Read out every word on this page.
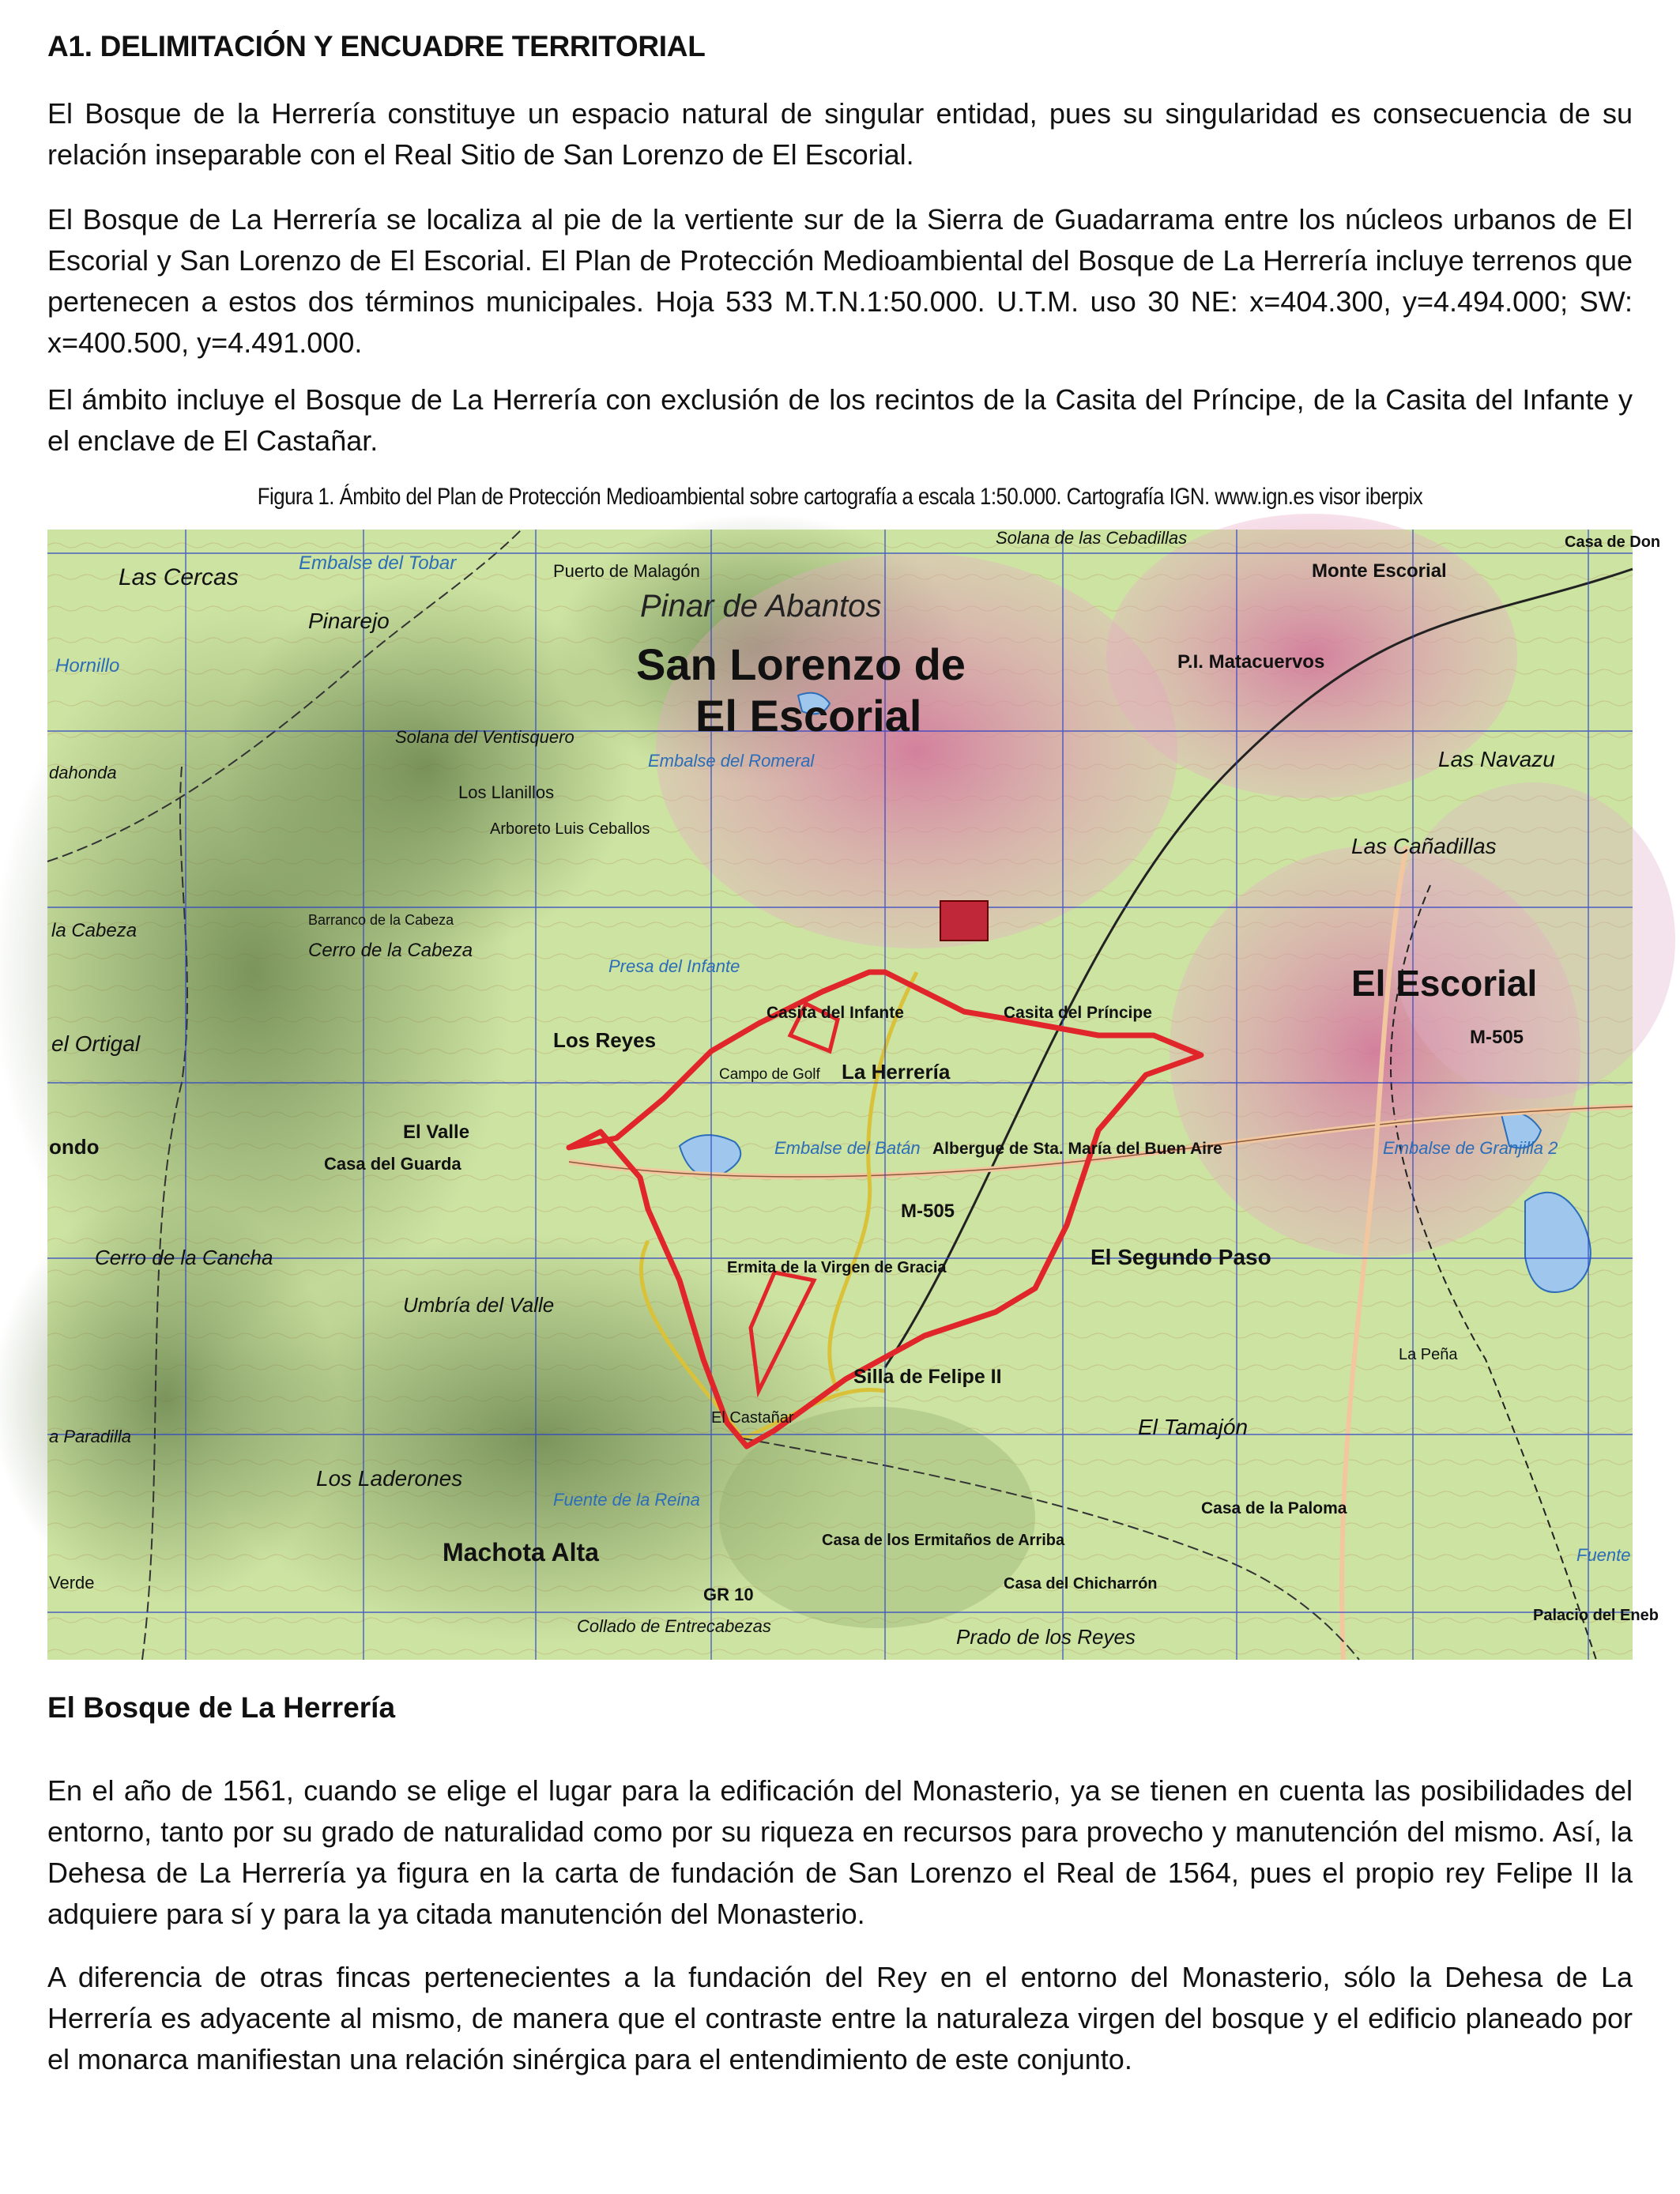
A1. DELIMITACIÓN Y ENCUADRE TERRITORIAL

El Bosque de la Herrería constituye un espacio natural de singular entidad, pues su singularidad es consecuencia de su relación inseparable con el Real Sitio de San Lorenzo de El Escorial.

El Bosque de La Herrería se localiza al pie de la vertiente sur de la Sierra de Guadarrama entre los núcleos urbanos de El Escorial y San Lorenzo de El Escorial. El Plan de Protección Medioambiental del Bosque de La Herrería incluye terrenos que pertenecen a estos dos términos municipales. Hoja 533 M.T.N.1:50.000. U.T.M. uso 30 NE: x=404.300, y=4.494.000; SW: x=400.500, y=4.491.000.

El ámbito incluye el Bosque de La Herrería con exclusión de los recintos de la Casita del Príncipe, de la Casita del Infante y el enclave de El Castañar.

Figura 1. Ámbito del Plan de Protección Medioambiental sobre cartografía a escala 1:50.000. Cartografía IGN. www.ign.es visor iberpix
San Lorenzo de
El Escorial
El Escorial
Pinar de Abantos
Monte Escorial
P.I. Matacuervos
Las Cercas
Pinarejo
Embalse del Tobar	Puerto de Malagón
Solana de las Cebadillas	Casa de Don
Hornillo
Solana del Ventisquero
Los Llanillos
Arboreto Luis Ceballos
Embalse del Romeral	Las Navazu
Las Cañadillas
la Cabeza	Barranco de la Cabeza
Cerro de la Cabeza
Presa del Infante
Casita del Infante	Casita del Príncipe
Los Reyes
el Ortigal
Campo de Golf La Herrería
El Valle
Casa del Guarda
Embalse del Batán Albergue de Sta. María del Buen Aire	Embalse de Granjilla 2
M-505
M-505
Cerro de la Cancha
Umbría del Valle
Ermita de la Virgen de Gracia	El Segundo Paso
Silla de Felipe II
El Castañar	El Tamajón
La Peña
Los Laderones
Fuente de la Reina
Casa de los Ermitaños de Arriba
Casa de la Paloma
Machota Alta
Casa del Chicharrón
Collado de Entrecabezas	Prado de los Reyes
Palacio del Eneb
a Paradilla
ondo
dahonda
Verde
GR 10
Fuente
El Bosque de La Herrería

En el año de 1561, cuando se elige el lugar para la edificación del Monasterio, ya se tienen en cuenta las posibilidades del entorno, tanto por su grado de naturalidad como por su riqueza en recursos para provecho y manutención del mismo. Así, la Dehesa de La Herrería ya figura en la carta de fundación de San Lorenzo el Real de 1564, pues el propio rey Felipe II la adquiere para sí y para la ya citada manutención del Monasterio.

A diferencia de otras fincas pertenecientes a la fundación del Rey en el entorno del Monasterio, sólo la Dehesa de La Herrería es adyacente al mismo, de manera que el contraste entre la naturaleza virgen del bosque y el edificio planeado por el monarca manifiestan una relación sinérgica para el entendimiento de este conjunto.
